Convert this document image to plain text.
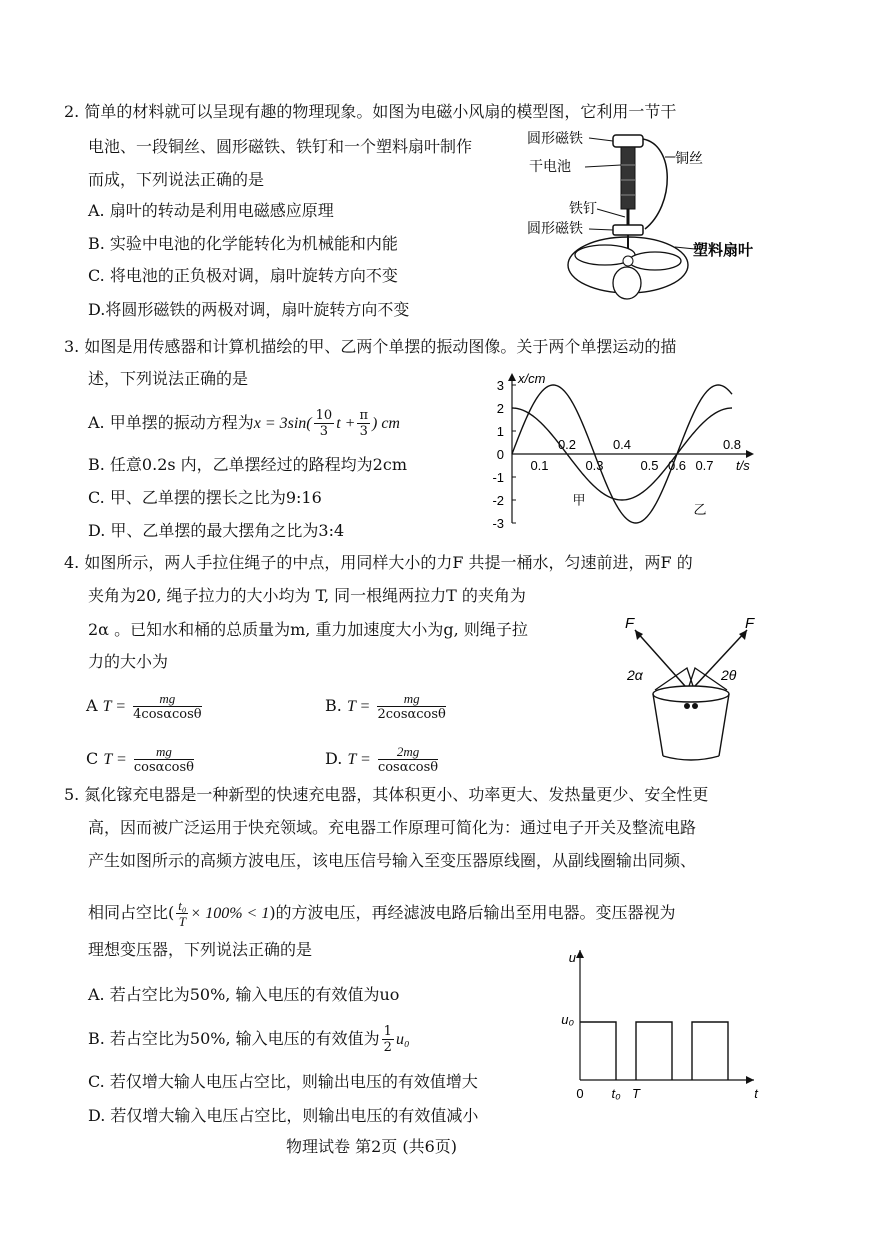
2. 简单的材料就可以呈现有趣的物理现象。如图为电磁小风扇的模型图，它利用一节干
电池、一段铜丝、圆形磁铁、铁钉和一个塑料扇叶制作
而成，下列说法正确的是
A. 扇叶的转动是利用电磁感应原理
B. 实验中电池的化学能转化为机械能和内能
C. 将电池的正负极对调，扇叶旋转方向不变
D.将圆形磁铁的两极对调，扇叶旋转方向不变
圆形磁铁
干电池	铜丝
铁钉
圆形磁铁
塑料扇叶
3. 如图是用传感器和计算机描绘的甲、乙两个单摆的振动图像。关于两个单摆运动的描
述，下列说法正确的是
A. 甲单摆的振动方程为$x = 3\sin( \frac{10}{3}$ $t + \frac{\pi}{3}$ ) cm
B. 任意0.2s 内，乙单摆经过的路程均为2cm
C. 甲、乙单摆的摆长之比为9:16
D. 甲、乙单摆的最大摆角之比为3:4
x/cm
t/s
3
2
1
0
-1
-2
-3
0.1	0.3	0.5 0.6 0.7
0.2	0.4	0.8
甲
乙
4. 如图所示，两人手拉住绳子的中点，用同样大小的力F 共提一桶水，匀速前进，两F 的
夹角为20, 绳子拉力的大小均为 T, 同一根绳两拉力T 的夹角为
2α 。已知水和桶的总质量为m, 重力加速度大小为g, 则绳子拉
力的大小为
A $T = \frac{mg}{4\cos\alpha\cos\theta}$	B. $T = \frac{mg}{2\cos\alpha\cos\theta}$
C $T = \frac{mg}{\cos\alpha\cos\theta}$	D. $T = \frac{2mg}{\cos\alpha\cos\theta}$
F	F
2α	2θ
5. 氮化镓充电器是一种新型的快速充电器，其体积更小、功率更大、发热量更少、安全性更
高，因而被广泛运用于快充领域。充电器工作原理可简化为：通过电子开关及整流电路
产生如图所示的高频方波电压，该电压信号输入至变压器原线圈，从副线圈输出同频、
相同占空比( $\frac{\text{t₀}}{T} \times 100\% < 1$)的方波电压，再经滤波电路后输出至用电器。变压器视为
理想变压器，下列说法正确的是
A. 若占空比为50%, 输入电压的有效值为uo
B. 若占空比为50%, 输入电压的有效值为 $\frac{1}{2} u_0$
C. 若仅增大输人电压占空比，则输出电压的有效值增大
D. 若仅增大输入电压占空比，则输出电压的有效值减小
u
u₀
0 t₀ T	t
物理试卷 第2页 (共6页)
